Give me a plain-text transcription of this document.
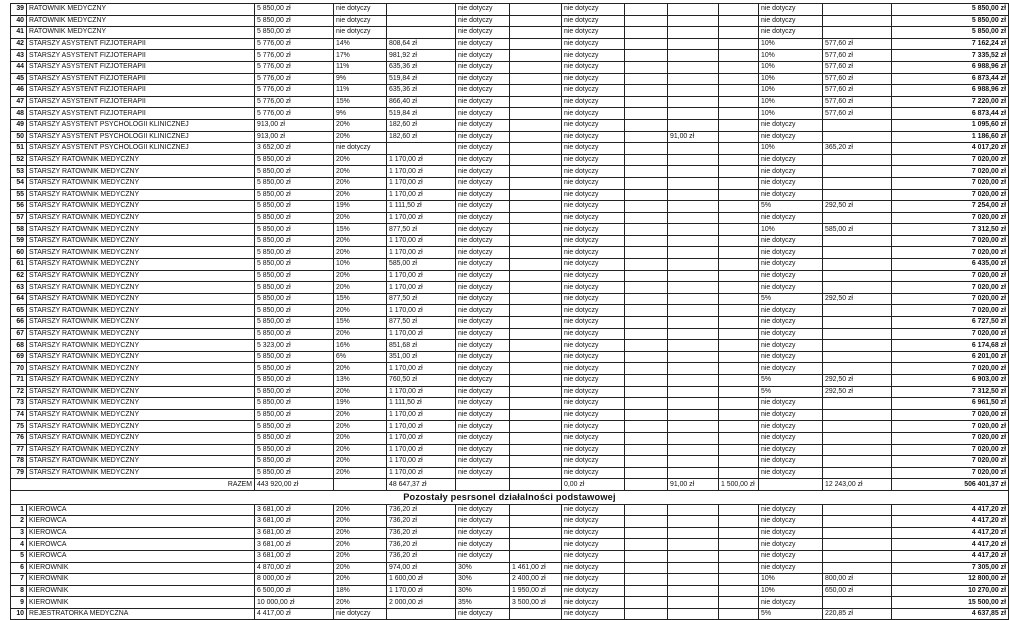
39	RATOWNIK MEDYCZNY	5 850,00 zł	nie dotyczy		nie dotyczy		nie dotyczy				nie dotyczy		5 850,00 zł
40	RATOWNIK MEDYCZNY	5 850,00 zł	nie dotyczy		nie dotyczy		nie dotyczy				nie dotyczy		5 850,00 zł
41	RATOWNIK MEDYCZNY	5 850,00 zł	nie dotyczy		nie dotyczy		nie dotyczy				nie dotyczy		5 850,00 zł
42	STARSZY ASYSTENT FIZJOTERAPII	5 776,00 zł	14%	808,64 zł	nie dotyczy		nie dotyczy				10%	577,60 zł	7 162,24 zł
43	STARSZY ASYSTENT FIZJOTERAPII	5 776,00 zł	17%	981,92 zł	nie dotyczy		nie dotyczy				10%	577,60 zł	7 335,52 zł
44	STARSZY ASYSTENT FIZJOTERAPII	5 776,00 zł	11%	635,36 zł	nie dotyczy		nie dotyczy				10%	577,60 zł	6 988,96 zł
45	STARSZY ASYSTENT FIZJOTERAPII	5 776,00 zł	9%	519,84 zł	nie dotyczy		nie dotyczy				10%	577,60 zł	6 873,44 zł
46	STARSZY ASYSTENT FIZJOTERAPII	5 776,00 zł	11%	635,36 zł	nie dotyczy		nie dotyczy				10%	577,60 zł	6 988,96 zł
47	STARSZY ASYSTENT FIZJOTERAPII	5 776,00 zł	15%	866,40 zł	nie dotyczy		nie dotyczy				10%	577,60 zł	7 220,00 zł
48	STARSZY ASYSTENT FIZJOTERAPII	5 776,00 zł	9%	519,84 zł	nie dotyczy		nie dotyczy				10%	577,60 zł	6 873,44 zł
49	STARSZY ASYSTENT PSYCHOLOGII KLINICZNEJ	913,00 zł	20%	182,60 zł	nie dotyczy		nie dotyczy				nie dotyczy		1 095,60 zł
50	STARSZY ASYSTENT PSYCHOLOGII KLINICZNEJ	913,00 zł	20%	182,60 zł	nie dotyczy		nie dotyczy		91,00 zł		nie dotyczy		1 186,60 zł
51	STARSZY ASYSTENT PSYCHOLOGII KLINICZNEJ	3 652,00 zł	nie dotyczy		nie dotyczy		nie dotyczy				10%	365,20 zł	4 017,20 zł
52	STARSZY RATOWNIK MEDYCZNY	5 850,00 zł	20%	1 170,00 zł	nie dotyczy		nie dotyczy				nie dotyczy		7 020,00 zł
53	STARSZY RATOWNIK MEDYCZNY	5 850,00 zł	20%	1 170,00 zł	nie dotyczy		nie dotyczy				nie dotyczy		7 020,00 zł
54	STARSZY RATOWNIK MEDYCZNY	5 850,00 zł	20%	1 170,00 zł	nie dotyczy		nie dotyczy				nie dotyczy		7 020,00 zł
55	STARSZY RATOWNIK MEDYCZNY	5 850,00 zł	20%	1 170,00 zł	nie dotyczy		nie dotyczy				nie dotyczy		7 020,00 zł
56	STARSZY RATOWNIK MEDYCZNY	5 850,00 zł	19%	1 111,50 zł	nie dotyczy		nie dotyczy				5%	292,50 zł	7 254,00 zł
57	STARSZY RATOWNIK MEDYCZNY	5 850,00 zł	20%	1 170,00 zł	nie dotyczy		nie dotyczy				nie dotyczy		7 020,00 zł
58	STARSZY RATOWNIK MEDYCZNY	5 850,00 zł	15%	877,50 zł	nie dotyczy		nie dotyczy				10%	585,00 zł	7 312,50 zł
59	STARSZY RATOWNIK MEDYCZNY	5 850,00 zł	20%	1 170,00 zł	nie dotyczy		nie dotyczy				nie dotyczy		7 020,00 zł
60	STARSZY RATOWNIK MEDYCZNY	5 850,00 zł	20%	1 170,00 zł	nie dotyczy		nie dotyczy				nie dotyczy		7 020,00 zł
61	STARSZY RATOWNIK MEDYCZNY	5 850,00 zł	10%	585,00 zł	nie dotyczy		nie dotyczy				nie dotyczy		6 435,00 zł
62	STARSZY RATOWNIK MEDYCZNY	5 850,00 zł	20%	1 170,00 zł	nie dotyczy		nie dotyczy				nie dotyczy		7 020,00 zł
63	STARSZY RATOWNIK MEDYCZNY	5 850,00 zł	20%	1 170,00 zł	nie dotyczy		nie dotyczy				nie dotyczy		7 020,00 zł
64	STARSZY RATOWNIK MEDYCZNY	5 850,00 zł	15%	877,50 zł	nie dotyczy		nie dotyczy				5%	292,50 zł	7 020,00 zł
65	STARSZY RATOWNIK MEDYCZNY	5 850,00 zł	20%	1 170,00 zł	nie dotyczy		nie dotyczy				nie dotyczy		7 020,00 zł
66	STARSZY RATOWNIK MEDYCZNY	5 850,00 zł	15%	877,50 zł	nie dotyczy		nie dotyczy				nie dotyczy		6 727,50 zł
67	STARSZY RATOWNIK MEDYCZNY	5 850,00 zł	20%	1 170,00 zł	nie dotyczy		nie dotyczy				nie dotyczy		7 020,00 zł
68	STARSZY RATOWNIK MEDYCZNY	5 323,00 zł	16%	851,68 zł	nie dotyczy		nie dotyczy				nie dotyczy		6 174,68 zł
69	STARSZY RATOWNIK MEDYCZNY	5 850,00 zł	6%	351,00 zł	nie dotyczy		nie dotyczy				nie dotyczy		6 201,00 zł
70	STARSZY RATOWNIK MEDYCZNY	5 850,00 zł	20%	1 170,00 zł	nie dotyczy		nie dotyczy				nie dotyczy		7 020,00 zł
71	STARSZY RATOWNIK MEDYCZNY	5 850,00 zł	13%	760,50 zł	nie dotyczy		nie dotyczy				5%	292,50 zł	6 903,00 zł
72	STARSZY RATOWNIK MEDYCZNY	5 850,00 zł	20%	1 170,00 zł	nie dotyczy		nie dotyczy				5%	292,50 zł	7 312,50 zł
73	STARSZY RATOWNIK MEDYCZNY	5 850,00 zł	19%	1 111,50 zł	nie dotyczy		nie dotyczy				nie dotyczy		6 961,50 zł
74	STARSZY RATOWNIK MEDYCZNY	5 850,00 zł	20%	1 170,00 zł	nie dotyczy		nie dotyczy				nie dotyczy		7 020,00 zł
75	STARSZY RATOWNIK MEDYCZNY	5 850,00 zł	20%	1 170,00 zł	nie dotyczy		nie dotyczy				nie dotyczy		7 020,00 zł
76	STARSZY RATOWNIK MEDYCZNY	5 850,00 zł	20%	1 170,00 zł	nie dotyczy		nie dotyczy				nie dotyczy		7 020,00 zł
77	STARSZY RATOWNIK MEDYCZNY	5 850,00 zł	20%	1 170,00 zł	nie dotyczy		nie dotyczy				nie dotyczy		7 020,00 zł
78	STARSZY RATOWNIK MEDYCZNY	5 850,00 zł	20%	1 170,00 zł	nie dotyczy		nie dotyczy				nie dotyczy		7 020,00 zł
79	STARSZY RATOWNIK MEDYCZNY	5 850,00 zł	20%	1 170,00 zł	nie dotyczy		nie dotyczy				nie dotyczy		7 020,00 zł
RAZEM		443 920,00 zł		48 647,37 zł			0,00 zł		91,00 zł	1 500,00 zł		12 243,00 zł	506 401,37 zł
Pozostały pesrsonel działalności podstawowej													
1	KIEROWCA	3 681,00 zł	20%	736,20 zł	nie dotyczy		nie dotyczy				nie dotyczy		4 417,20 zł
2	KIEROWCA	3 681,00 zł	20%	736,20 zł	nie dotyczy		nie dotyczy				nie dotyczy		4 417,20 zł
3	KIEROWCA	3 681,00 zł	20%	736,20 zł	nie dotyczy		nie dotyczy				nie dotyczy		4 417,20 zł
4	KIEROWCA	3 681,00 zł	20%	736,20 zł	nie dotyczy		nie dotyczy				nie dotyczy		4 417,20 zł
5	KIEROWCA	3 681,00 zł	20%	736,20 zł	nie dotyczy		nie dotyczy				nie dotyczy		4 417,20 zł
6	KIEROWNIK	4 870,00 zł	20%	974,00 zł	30%	1 461,00 zł	nie dotyczy				nie dotyczy		7 305,00 zł
7	KIEROWNIK	8 000,00 zł	20%	1 600,00 zł	30%	2 400,00 zł	nie dotyczy				10%	800,00 zł	12 800,00 zł
8	KIEROWNIK	6 500,00 zł	18%	1 170,00 zł	30%	1 950,00 zł	nie dotyczy				10%	650,00 zł	10 270,00 zł
9	KIEROWNIK	10 000,00 zł	20%	2 000,00 zł	35%	3 500,00 zł	nie dotyczy				nie dotyczy		15 500,00 zł
10	REJESTRATORKA MEDYCZNA	4 417,00 zł	nie dotyczy		nie dotyczy		nie dotyczy				5%	220,85 zł	4 637,85 zł
